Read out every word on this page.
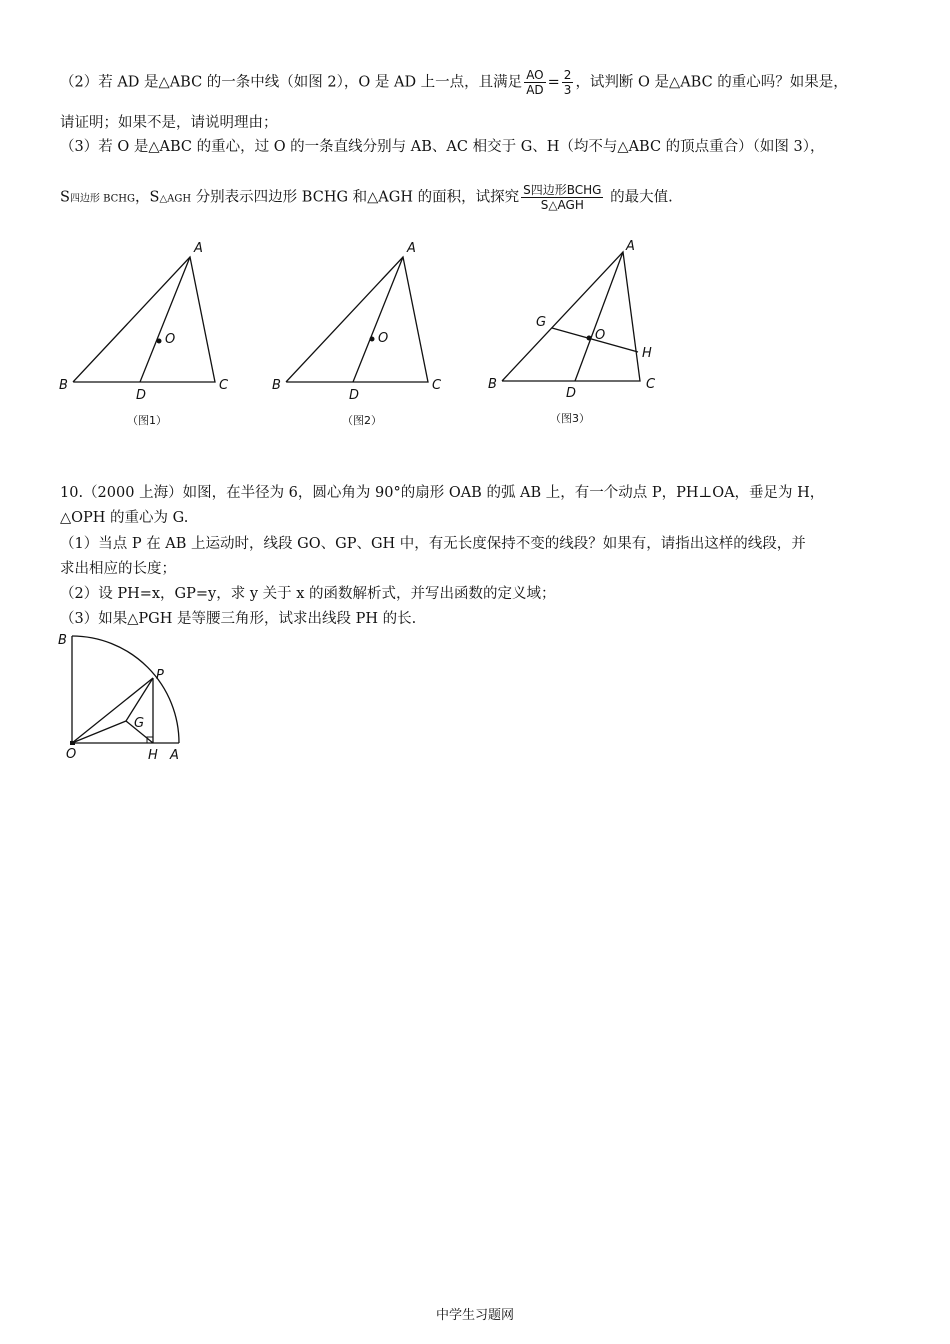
（2）若 AD 是△ABC 的一条中线（如图 2），O 是 AD 上一点，且满足 $\frac{AO}{AD} = \frac{2}{3}$ ，试判断 O 是△ABC 的重心吗？如果是，
请证明；如果不是，请说明理由；
（3）若 O 是△ABC 的重心，过 O 的一条直线分别与 AB、AC 相交于 G、H（均不与△ABC 的顶点重合）（如图 3），
S四边形 BCHG，S△AGH 分别表示四边形 BCHG 和△AGH 的面积，试探究 $\frac{\text{S四边形BCHG}}{\text{S△AGH}}$ 的最大值.
A
B	C
D
O
（图1）
A
B	C
D
O
（图2）
A
B	C
D
O
G
H
（图3）
10.（2000 上海）如图，在半径为 6，圆心角为 90°的扇形 OAB 的弧 AB 上，有一个动点 P，PH⊥OA，垂足为 H，
△OPH 的重心为 G.
（1）当点 P 在 AB 上运动时，线段 GO、GP、GH 中，有无长度保持不变的线段？如果有，请指出这样的线段，并
求出相应的长度；
（2）设 PH=x，GP=y，求 y 关于 x 的函数解析式，并写出函数的定义域；
（3）如果△PGH 是等腰三角形，试求出线段 PH 的长.
B
P
G
O	H A
中学生习题网
